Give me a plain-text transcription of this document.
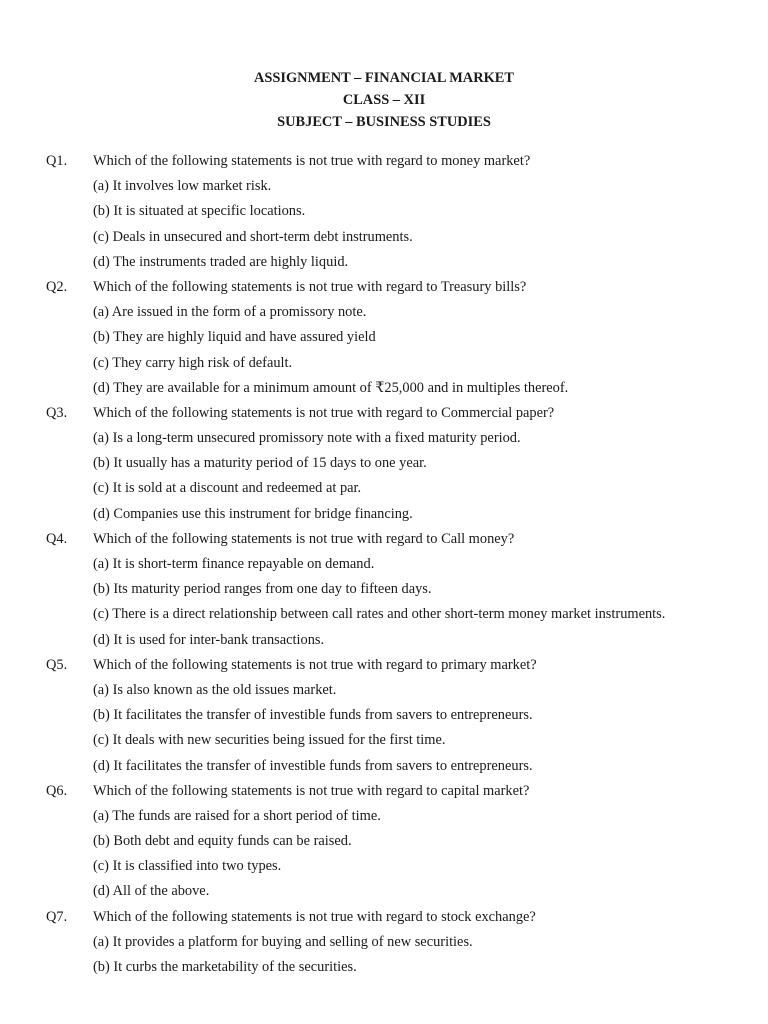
ASSIGNMENT – FINANCIAL MARKET
CLASS – XII
SUBJECT – BUSINESS STUDIES
Q1. Which of the following statements is not true with regard to money market?
(a) It involves low market risk.
(b) It is situated at specific locations.
(c) Deals in unsecured and short-term debt instruments.
(d) The instruments traded are highly liquid.
Q2. Which of the following statements is not true with regard to Treasury bills?
(a) Are issued in the form of a promissory note.
(b) They are highly liquid and have assured yield
(c) They carry high risk of default.
(d) They are available for a minimum amount of ₹25,000 and in multiples thereof.
Q3. Which of the following statements is not true with regard to Commercial paper?
(a) Is a long-term unsecured promissory note with a fixed maturity period.
(b) It usually has a maturity period of 15 days to one year.
(c) It is sold at a discount and redeemed at par.
(d) Companies use this instrument for bridge financing.
Q4. Which of the following statements is not true with regard to Call money?
(a) It is short-term finance repayable on demand.
(b) Its maturity period ranges from one day to fifteen days.
(c) There is a direct relationship between call rates and other short-term money market instruments.
(d) It is used for inter-bank transactions.
Q5. Which of the following statements is not true with regard to primary market?
(a) Is also known as the old issues market.
(b) It facilitates the transfer of investible funds from savers to entrepreneurs.
(c) It deals with new securities being issued for the first time.
(d) It facilitates the transfer of investible funds from savers to entrepreneurs.
Q6. Which of the following statements is not true with regard to capital market?
(a) The funds are raised for a short period of time.
(b) Both debt and equity funds can be raised.
(c) It is classified into two types.
(d) All of the above.
Q7. Which of the following statements is not true with regard to stock exchange?
(a) It provides a platform for buying and selling of new securities.
(b) It curbs the marketability of the securities.
